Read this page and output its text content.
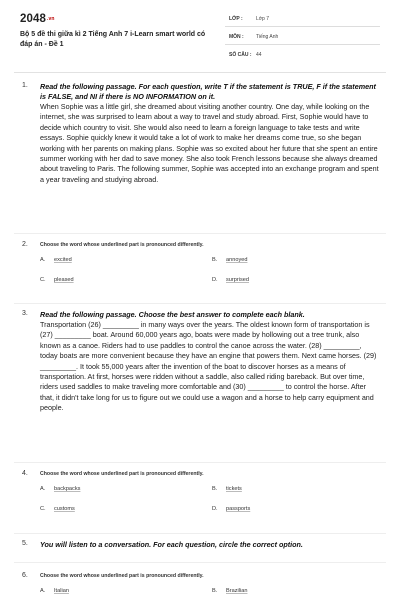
2048.vn
Bộ 5 đề thi giữa kì 2 Tiếng Anh 7 i-Learn smart world có đáp án - Đề 1
LỚP :	Lớp 7
MÔN : Tiếng Anh
SỐ CÂU : 44
1. Read the following passage. For each question, write T if the statement is TRUE, F if the statement is FALSE, and NI if there is NO INFORMATION on it.
When Sophie was a little girl, she dreamed about visiting another country. One day, while looking on the internet, she was surprised to learn about a way to travel and study abroad. First, Sophie would have to decide which country to visit. She would also need to learn a foreign language to take tests and write essays. Sophie quickly knew it would take a lot of work to make her dreams come true, so she began working with her parents on making plans. Sophie was so excited about her future that she spent an entire summer working with her dad to save money. She also took French lessons because she always dreamed about traveling to Paris. The following summer, Sophie was accepted into an exchange program and spent a year traveling and studying abroad.
2. Choose the word whose underlined part is pronounced differently.
A. excited	B. annoyed
C. pleased	D. surprised
3. Read the following passage. Choose the best answer to complete each blank.
Transportation (26) _________ in many ways over the years. The oldest known form of transportation is (27) _________ boat. Around 60,000 years ago, boats were made by hollowing out a tree trunk, also known as a canoe. Riders had to use paddles to control the canoe across the water. (28) _________, today boats are more convenient because they have an engine that powers them. Next came horses. (29) _________. It took 55,000 years after the invention of the boat to discover horses as a means of transportation. At first, horses were ridden without a saddle, also called riding bareback. But over time, riders used saddles to make traveling more comfortable and (30) _________ to control the horse. After that, it didn't take long for us to figure out we could use a wagon and a horse to help carry equipment and people.
4. Choose the word whose underlined part is pronounced differently.
A. backpacks	B. tickets
C. customs	D. passports
5. You will listen to a conversation. For each question, circle the correct option.
6. Choose the word whose underlined part is pronounced differently.
A. Italian	B. Brazilian
